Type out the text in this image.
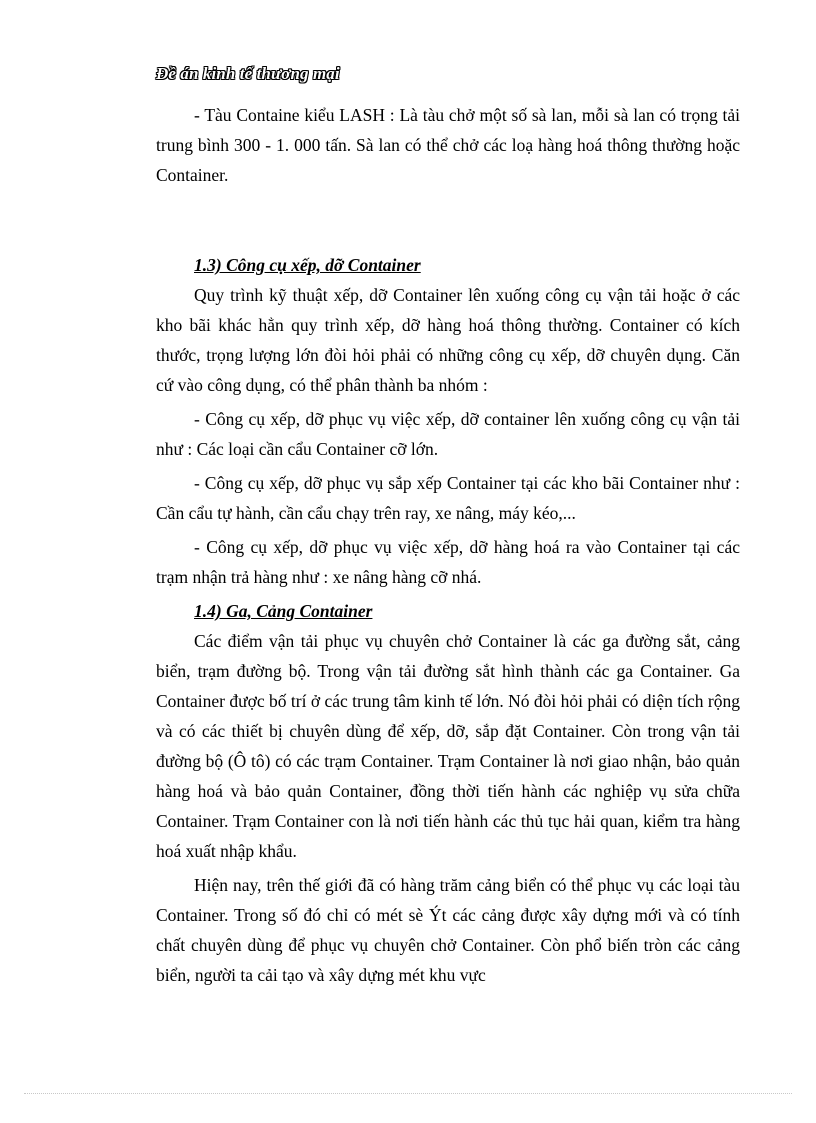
Đề án kinh tế thương mại

- Tàu Containe kiểu LASH : Là tàu chở một số sà lan, mỗi sà lan có trọng tải trung bình 300 - 1. 000 tấn. Sà lan có thể chở các loạ hàng hoá thông thường hoặc Container.

1.3) Công cụ xếp, dỡ Container

Quy trình kỹ thuật xếp, dỡ Container lên xuống công cụ vận tải hoặc ở các kho bãi khác hẳn quy trình xếp, dỡ hàng hoá thông thường. Container có kích thước, trọng lượng lớn đòi hỏi phải có những công cụ xếp, dỡ chuyên dụng. Căn cứ vào công dụng, có thể phân thành ba nhóm :

- Công cụ xếp, dỡ phục vụ việc xếp, dỡ container lên xuống công cụ vận tải như : Các loại cần cẩu Container cỡ lớn.

- Công cụ xếp, dỡ phục vụ sắp xếp Container tại các kho bãi Container như : Cần cẩu tự hành, cần cẩu chạy trên ray, xe nâng, máy kéo,...

- Công cụ xếp, dỡ phục vụ việc xếp, dỡ hàng hoá ra vào Container tại các trạm nhận trả hàng như : xe nâng hàng cỡ nhá.

1.4) Ga, Cảng Container

Các điểm vận tải phục vụ chuyên chở Container là các ga đường sắt, cảng biển, trạm đường bộ. Trong vận tải đường sắt hình thành các ga Container. Ga Container được bố trí ở các trung tâm kinh tế lớn. Nó đòi hỏi phải có diện tích rộng và có các thiết bị chuyên dùng để xếp, dỡ, sắp đặt Container. Còn trong vận tải đường bộ (Ô tô) có các trạm Container. Trạm Container là nơi giao nhận, bảo quản hàng hoá và bảo quản Container, đồng thời tiến hành các nghiệp vụ sửa chữa Container. Trạm Container con là nơi tiến hành các thủ tục hải quan, kiểm tra hàng hoá xuất nhập khẩu.

Hiện nay, trên thế giới đã có hàng trăm cảng biển có thể phục vụ các loại tàu Container. Trong số đó chỉ có mét sè Ýt các cảng được xây dựng mới và có tính chất chuyên dùng để phục vụ chuyên chở Container. Còn phổ biến tròn các cảng biển, người ta cải tạo và xây dựng mét khu vực
